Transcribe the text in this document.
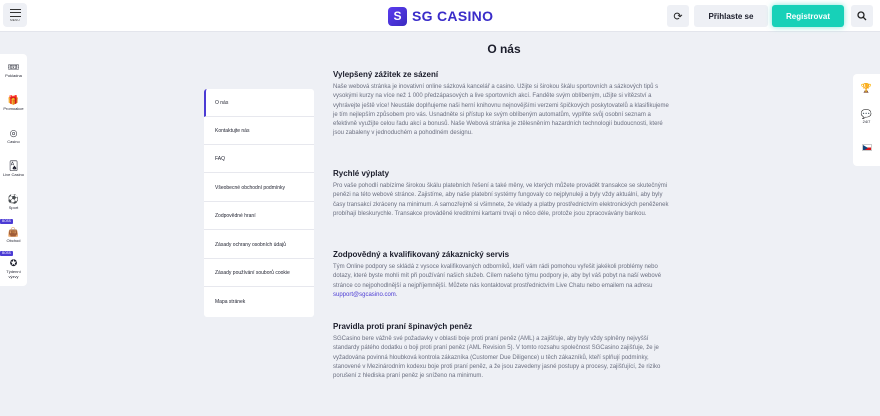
MENU	S SG CASINO	⟳	Přihlaste se	Registrovat
🎟
Pokladna
🎁
Promoakce
◎
Casino
🂡
Live Casino
⚽
Sport
BOSS
👜
Obchod
BOSS
✪
Týdenní výzvy
🏆
💬
24/7
O nás
O nás
Kontaktujte nás
FAQ
Všeobecné obchodní podmínky
Zodpovědné hraní
Zásady ochrany osobních údajů
Zásady používání souborů cookie
Mapa stránek
Vylepšený zážitek ze sázení

Naše webová stránka je inovativní online sázková kancelář a casino. Užijte si širokou škálu sportovních a sázkových tipů s vysokými kurzy na více než 1 000 předzápasových a live sportovních akcí. Fanděte svým oblíbeným, užijte si vítězství a vyhrávejte ještě více! Neustále doplňujeme naši herní knihovnu nejnovějšími verzemi špičkových poskytovatelů a klasifikujeme je tím nejlepším způsobem pro vás. Usnadněte si přístup ke svým oblíbeným automatům, vyplňte svůj osobní seznam a efektivně využijte celou řadu akcí a bonusů. Naše Webová stránka je ztělesněním hazardních technologií budoucnosti, které jsou zabaleny v jednoduchém a pohodlném designu.

Rychlé výplaty

Pro vaše pohodlí nabízíme širokou škálu platebních řešení a také měny, ve kterých můžete provádět transakce se skutečnými penězi na této webové stránce. Zajistíme, aby naše platební systémy fungovaly co nejplynuleji a byly vždy aktuální, aby byly časy transakcí zkráceny na minimum. A samozřejmě si všimnete, že vklady a platby prostřednictvím elektronických peněženek probíhají bleskurychle. Transakce prováděné kreditními kartami trvají o něco déle, protože jsou zpracovávány bankou.

Zodpovědný a kvalifikovaný zákaznický servis

Tým Online podpory se skládá z vysoce kvalifikovaných odborníků, kteří vám rádi pomohou vyřešit jakékoli problémy nebo dotazy, které byste mohli mít při používání našich služeb. Cílem našeho týmu podpory je, aby byl váš pobyt na naší webové stránce co nejpohodlnější a nejpříjemnější. Můžete nás kontaktovat prostřednictvím Live Chatu nebo emailem na adresu support@sgcasino.com.

Pravidla proti praní špinavých peněz

SGCasino bere vážně své požadavky v oblasti boje proti praní peněz (AML) a zajišťuje, aby byly vždy splněny nejvyšší standardy pátého dodatku o boji proti praní peněz (AML Revision 5). V tomto rozsahu společnost SGCasino zajišťuje, že je vyžadována povinná hloubková kontrola zákazníka (Customer Due Diligence) u těch zákazníků, kteří splňují podmínky, stanovené v Mezinárodním kodexu boje proti praní peněz, a že jsou zavedeny jasné postupy a procesy, zajišťující, že riziko porušení z hlediska praní peněz je sníženo na minimum.
